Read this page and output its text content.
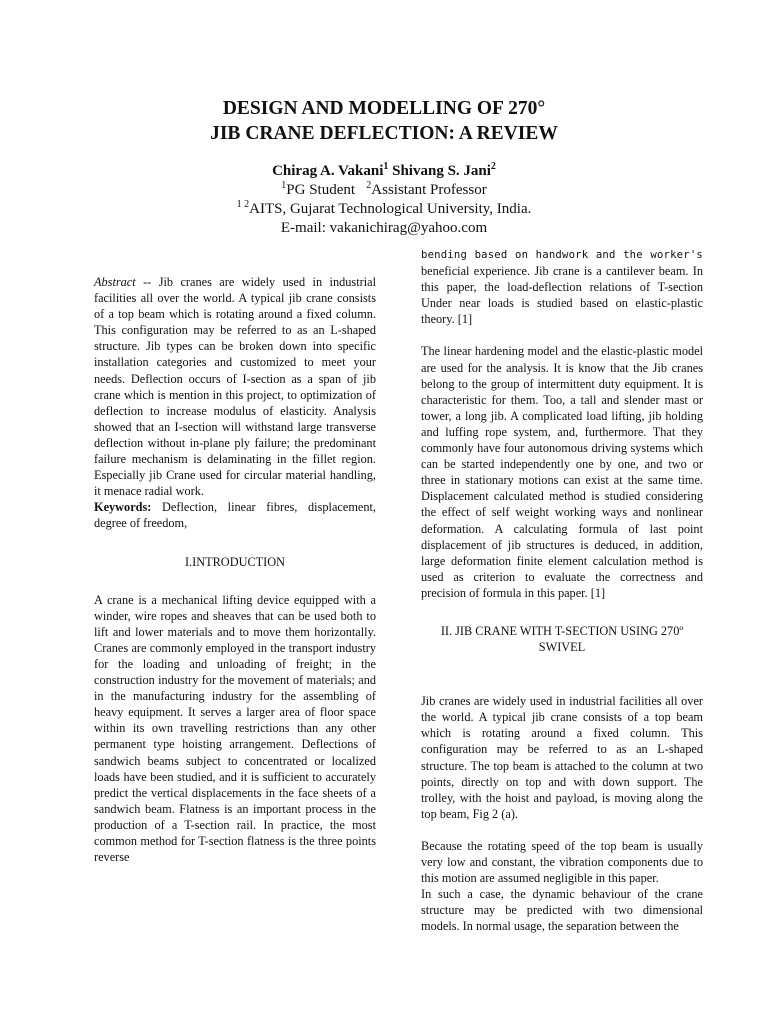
DESIGN AND MODELLING OF 270°

JIB CRANE DEFLECTION: A REVIEW

Chirag A. Vakani$^1$ Shivang S. Jani$^2$
$^1$PG Student $^2$Assistant Professor
$^{1 2}$AITS, Gujarat Technological University, India.
E-mail: vakanichirag@yahoo.com

Abstract -- Jib cranes are widely used in industrial facilities all over the world. A typical jib crane consists of a top beam which is rotating around a fixed column. This configuration may be referred to as an L-shaped structure. Jib types can be broken down into specific installation categories and customized to meet your needs. Deflection occurs of I-section as a span of jib crane which is mention in this project, to optimization of deflection to increase modulus of elasticity. Analysis showed that an I-section will withstand large transverse deflection without in-plane ply failure; the predominant failure mechanism is delaminating in the fillet region. Especially jib Crane used for circular material handling, it menace radial work.

Keywords: Deflection, linear fibres, displacement, degree of freedom,

I.INTRODUCTION

A crane is a mechanical lifting device equipped with a winder, wire ropes and sheaves that can be used both to lift and lower materials and to move them horizontally. Cranes are commonly employed in the transport industry for the loading and unloading of freight; in the construction industry for the movement of materials; and in the manufacturing industry for the assembling of heavy equipment. It serves a larger area of floor space within its own travelling restrictions than any other permanent type hoisting arrangement. Deflections of sandwich beams subject to concentrated or localized loads have been studied, and it is sufficient to accurately predict the vertical displacements in the face sheets of a sandwich beam. Flatness is an important process in the production of a T-section rail. In practice, the most common method for T-section flatness is the three points reverse

bending based on handwork and the worker's beneficial experience. Jib crane is a cantilever beam. In this paper, the load-deflection relations of T-section Under near loads is studied based on elastic-plastic theory. [1]

The linear hardening model and the elastic-plastic model are used for the analysis. It is know that the Jib cranes belong to the group of intermittent duty equipment. It is characteristic for them. Too, a tall and slender mast or tower, a long jib. A complicated load lifting, jib holding and luffing rope system, and, furthermore. That they commonly have four autonomous driving systems which can be started independently one by one, and two or three in stationary motions can exist at the same time. Displacement calculated method is studied considering the effect of self weight working ways and nonlinear deformation. A calculating formula of last point displacement of jib structures is deduced, in addition, large deformation finite element calculation method is used as criterion to evaluate the correctness and precision of formula in this paper. [1]

II. JIB CRANE WITH T-SECTION USING 270º

SWIVEL

Jib cranes are widely used in industrial facilities all over the world. A typical jib crane consists of a top beam which is rotating around a fixed column. This configuration may be referred to as an L-shaped structure. The top beam is attached to the column at two points, directly on top and with down support. The trolley, with the hoist and payload, is moving along the top beam, Fig 2 (a).

Because the rotating speed of the top beam is usually very low and constant, the vibration components due to this motion are assumed negligible in this paper.

In such a case, the dynamic behaviour of the crane structure may be predicted with two dimensional models. In normal usage, the separation between the
